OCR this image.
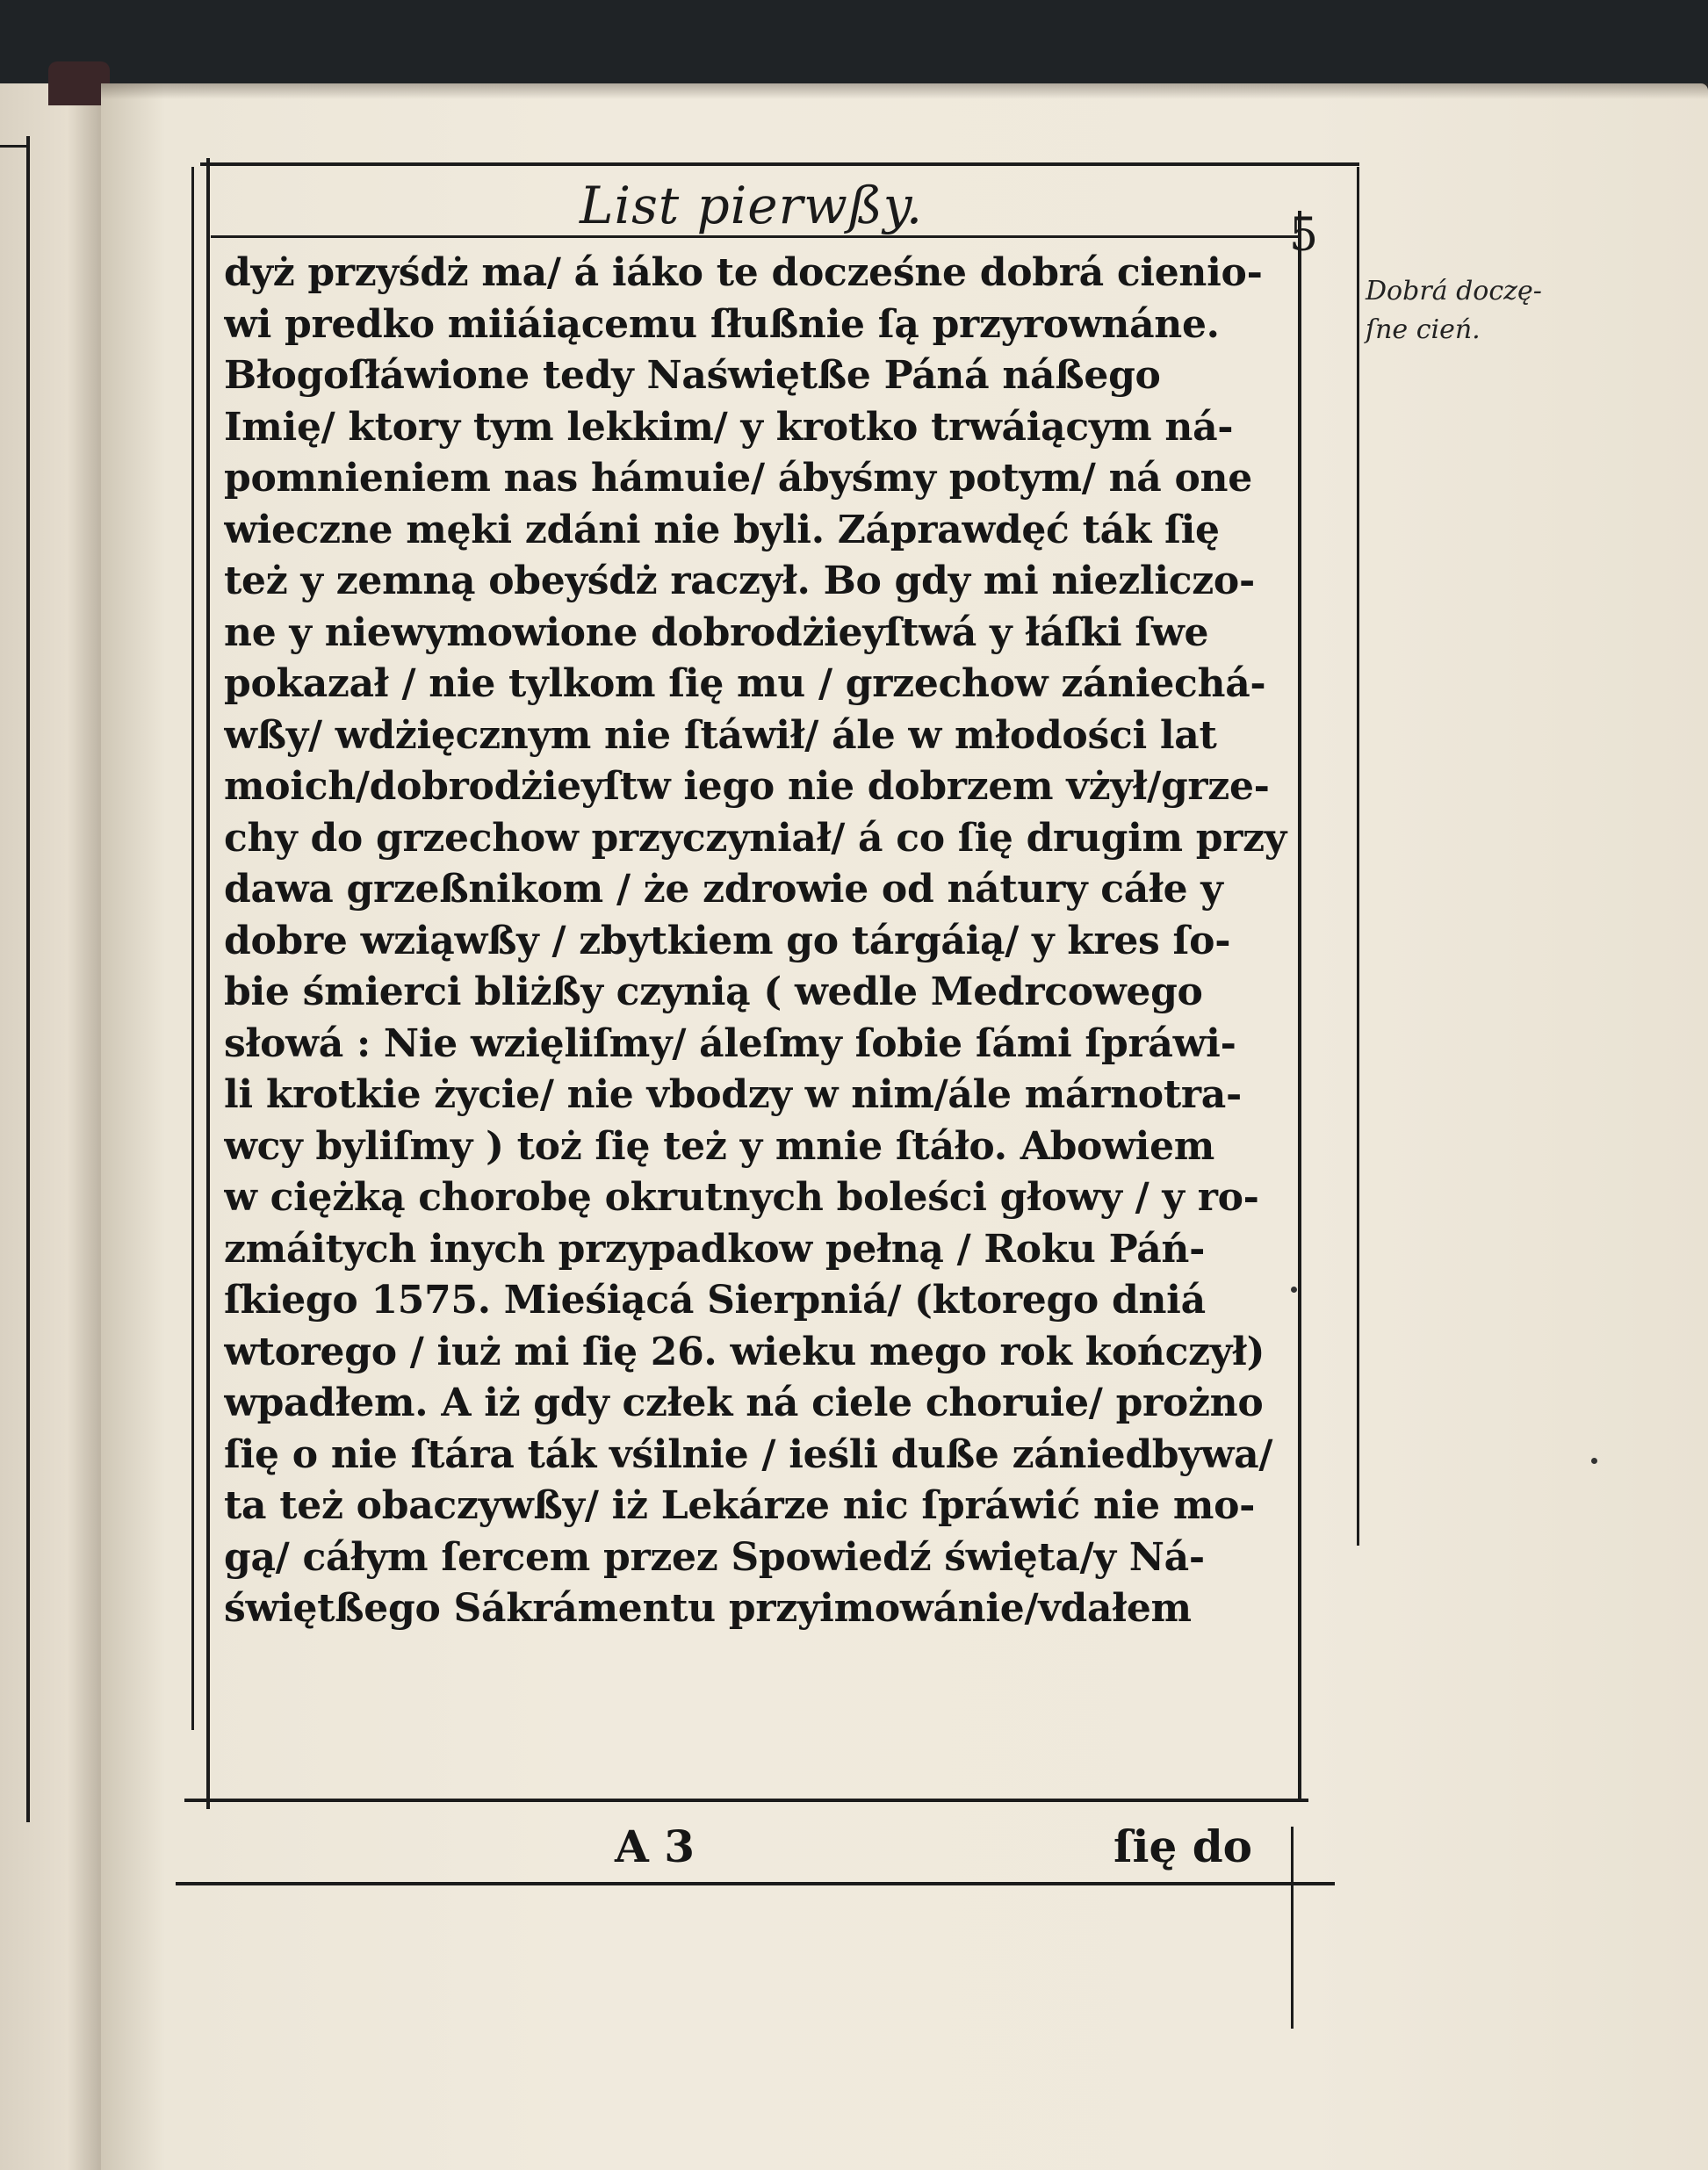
List pierwßy.	5
dyż przyśdż ma/ á iáko te docześne dobrá cienio-
wi predko miiáiącemu ſłußnie ſą przyrownáne.
Błogoſłáwione tedy Naświętße Páná náßego
Imię/ ktory tym lekkim/ y krotko trwáiącym ná-
pomnieniem nas hámuie/ ábyśmy potym/ ná one
wieczne męki zdáni nie byli. Záprawdęć ták ſię
też y zemną obeyśdż raczył. Bo gdy mi niezliczo-
ne y niewymowione dobrodżieyſtwá y łáſki ſwe
pokazał / nie tylkom ſię mu / grzechow zániechá-
wßy/ wdżięcznym nie ſtáwił/ ále w młodości lat
moich/dobrodżieyſtw iego nie dobrzem vżył/grze-
chy do grzechow przyczyniał/ á co ſię drugim przy
dawa grzeßnikom / że zdrowie od nátury cáłe y
dobre wziąwßy / zbytkiem go tárgáią/ y kres ſo-
bie śmierci bliżßy czynią ( wedle Medrcowego
słowá : Nie wzięliſmy/ áleſmy ſobie ſámi ſpráwi-
li krotkie życie/ nie vbodzy w nim/ále márnotra-
wcy byliſmy ) toż ſię też y mnie ſtáło. Abowiem
w ciężką chorobę okrutnych boleści głowy / y ro-
zmáitych inych przypadkow pełną / Roku Páń-
ſkiego 1575. Mieśiącá Sierpniá/ (ktorego dniá
wtorego / iuż mi ſię 26. wieku mego rok kończył)
wpadłem. A iż gdy człek ná ciele choruie/ prożno
ſię o nie ſtára ták vśilnie / ieśli duße zániedbywa/
ta też obaczywßy/ iż Lekárze nic ſpráwić nie mo-
gą/ cáłym ſercem przez Spowiedź święta/y Ná-
świętßego Sákrámentu przyimowánie/vdałem
A 3	ſię do
Dobrá doczę-
ſne cień.
